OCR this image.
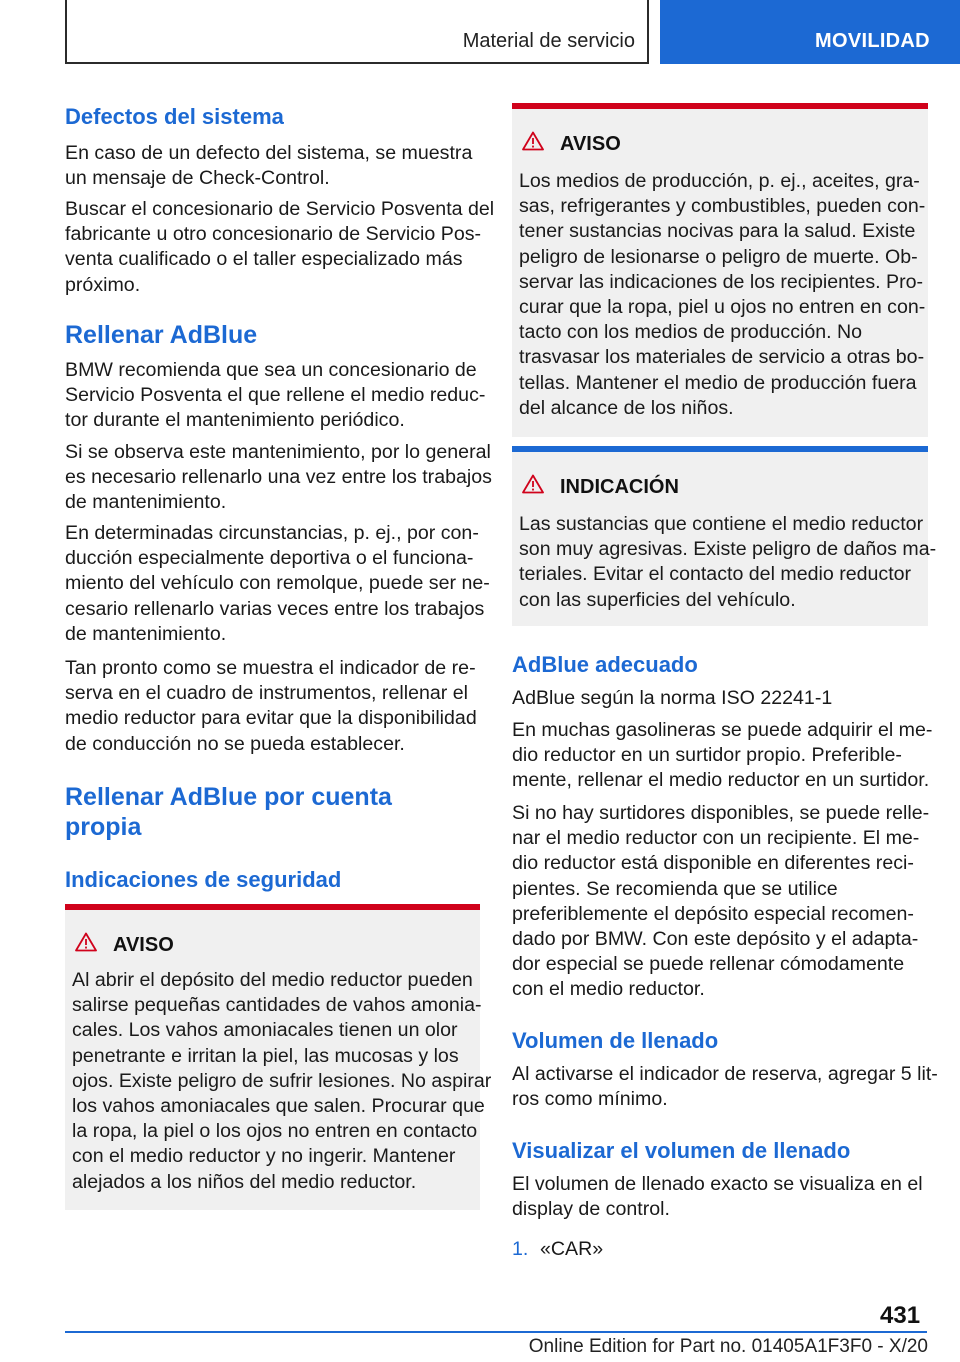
Material de servicio	MOVILIDAD
Defectos del sistema

En caso de un defecto del sistema, se muestra
un mensaje de Check-Control.

Buscar el concesionario de Servicio Posventa del
fabricante u otro concesionario de Servicio Pos‐
venta cualificado o el taller especializado más
próximo.

Rellenar AdBlue

BMW recomienda que sea un concesionario de
Servicio Posventa el que rellene el medio reduc‐
tor durante el mantenimiento periódico.

Si se observa este mantenimiento, por lo general
es necesario rellenarlo una vez entre los trabajos
de mantenimiento.

En determinadas circunstancias, p. ej., por con‐
ducción especialmente deportiva o el funciona‐
miento del vehículo con remolque, puede ser ne‐
cesario rellenarlo varias veces entre los trabajos
de mantenimiento.

Tan pronto como se muestra el indicador de re‐
serva en el cuadro de instrumentos, rellenar el
medio reductor para evitar que la disponibilidad
de conducción no se pueda establecer.

Rellenar AdBlue por cuenta
propia
Indicaciones de seguridad
AVISO

Al abrir el depósito del medio reductor pueden
salirse pequeñas cantidades de vahos amonia‐
cales. Los vahos amoniacales tienen un olor
penetrante e irritan la piel, las mucosas y los
ojos. Existe peligro de sufrir lesiones. No aspirar
los vahos amoniacales que salen. Procurar que
la ropa, la piel o los ojos no entren en contacto
con el medio reductor y no ingerir. Mantener
alejados a los niños del medio reductor.

AVISO

Los medios de producción, p. ej., aceites, gra‐
sas, refrigerantes y combustibles, pueden con‐
tener sustancias nocivas para la salud. Existe
peligro de lesionarse o peligro de muerte. Ob‐
servar las indicaciones de los recipientes. Pro‐
curar que la ropa, piel u ojos no entren en con‐
tacto con los medios de producción. No
trasvasar los materiales de servicio a otras bo‐
tellas. Mantener el medio de producción fuera
del alcance de los niños.

INDICACIÓN

Las sustancias que contiene el medio reductor
son muy agresivas. Existe peligro de daños ma‐
teriales. Evitar el contacto del medio reductor
con las superficies del vehículo.

AdBlue adecuado

AdBlue según la norma ISO 22241-1

En muchas gasolineras se puede adquirir el me‐
dio reductor en un surtidor propio. Preferible‐
mente, rellenar el medio reductor en un surtidor.

Si no hay surtidores disponibles, se puede relle‐
nar el medio reductor con un recipiente. El me‐
dio reductor está disponible en diferentes reci‐
pientes. Se recomienda que se utilice
preferiblemente el depósito especial recomen‐
dado por BMW. Con este depósito y el adapta‐
dor especial se puede rellenar cómodamente
con el medio reductor.

Volumen de llenado

Al activarse el indicador de reserva, agregar 5 lit‐
ros como mínimo.

Visualizar el volumen de llenado

El volumen de llenado exacto se visualiza en el
display de control.

1. «CAR»
431
Online Edition for Part no. 01405A1F3F0 - X/20
